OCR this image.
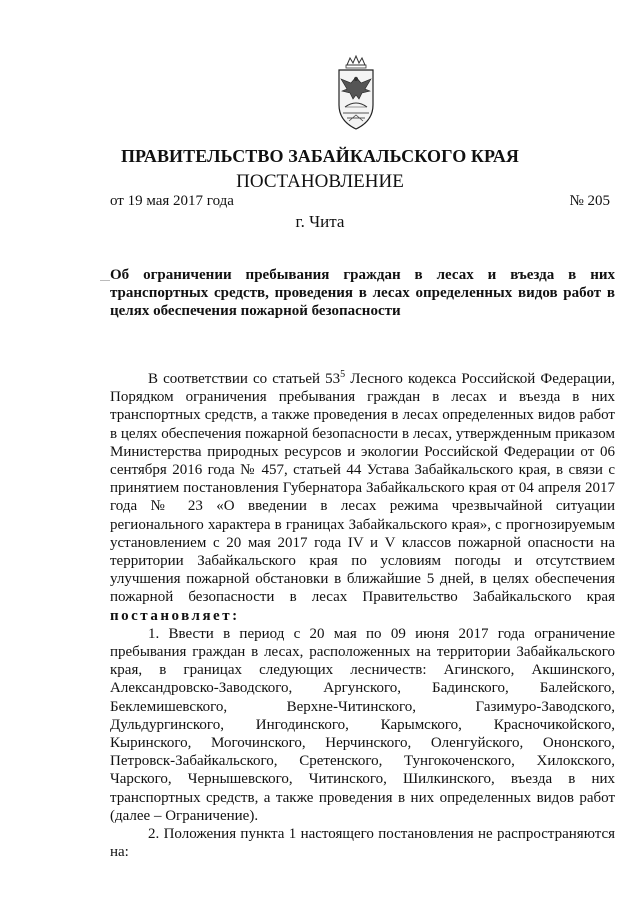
ПРАВИТЕЛЬСТВО ЗАБАЙКАЛЬСКОГО КРАЯ
ПОСТАНОВЛЕНИЕ
от 19 мая 2017 года	№ 205
г. Чита
Об ограничении пребывания граждан в лесах и въезда в них транспортных средств, проведения в лесах определенных видов работ в целях обеспечения пожарной безопасности

В соответствии со статьей $53^5$ Лесного кодекса Российской Федерации, Порядком ограничения пребывания граждан в лесах и въезда в них транспортных средств, а также проведения в лесах определенных видов работ в целях обеспечения пожарной безопасности в лесах, утвержденным приказом Министерства природных ресурсов и экологии Российской Федерации от 06 сентября 2016 года № 457, статьей 44 Устава Забайкальского края, в связи с принятием постановления Губернатора Забайкальского края от 04 апреля 2017 года № 23 «О введении в лесах режима чрезвычайной ситуации регионального характера в границах Забайкальского края», с прогнозируемым установлением с 20 мая 2017 года IV и V классов пожарной опасности на территории Забайкальского края по условиям погоды и отсутствием улучшения пожарной обстановки в ближайшие 5 дней, в целях обеспечения пожарной безопасности в лесах Правительство Забайкальского края постановляет:

1. Ввести в период с 20 мая по 09 июня 2017 года ограничение пребывания граждан в лесах, расположенных на территории Забайкальского края, в границах следующих лесничеств: Агинского, Акшинского, Александровско-Заводского, Аргунского, Бадинского, Балейского, Беклемишевского, Верхне-Читинского, Газимуро-Заводского, Дульдургинского, Ингодинского, Карымского, Красночикойского, Кыринского, Могочинского, Нерчинского, Оленгуйского, Ононского, Петровск-Забайкальского, Сретенского, Тунгокоченского, Хилокского, Чарского, Чернышевского, Читинского, Шилкинского, въезда в них транспортных средств, а также проведения в них определенных видов работ (далее – Ограничение).

2. Положения пункта 1 настоящего постановления не распространяются на:
